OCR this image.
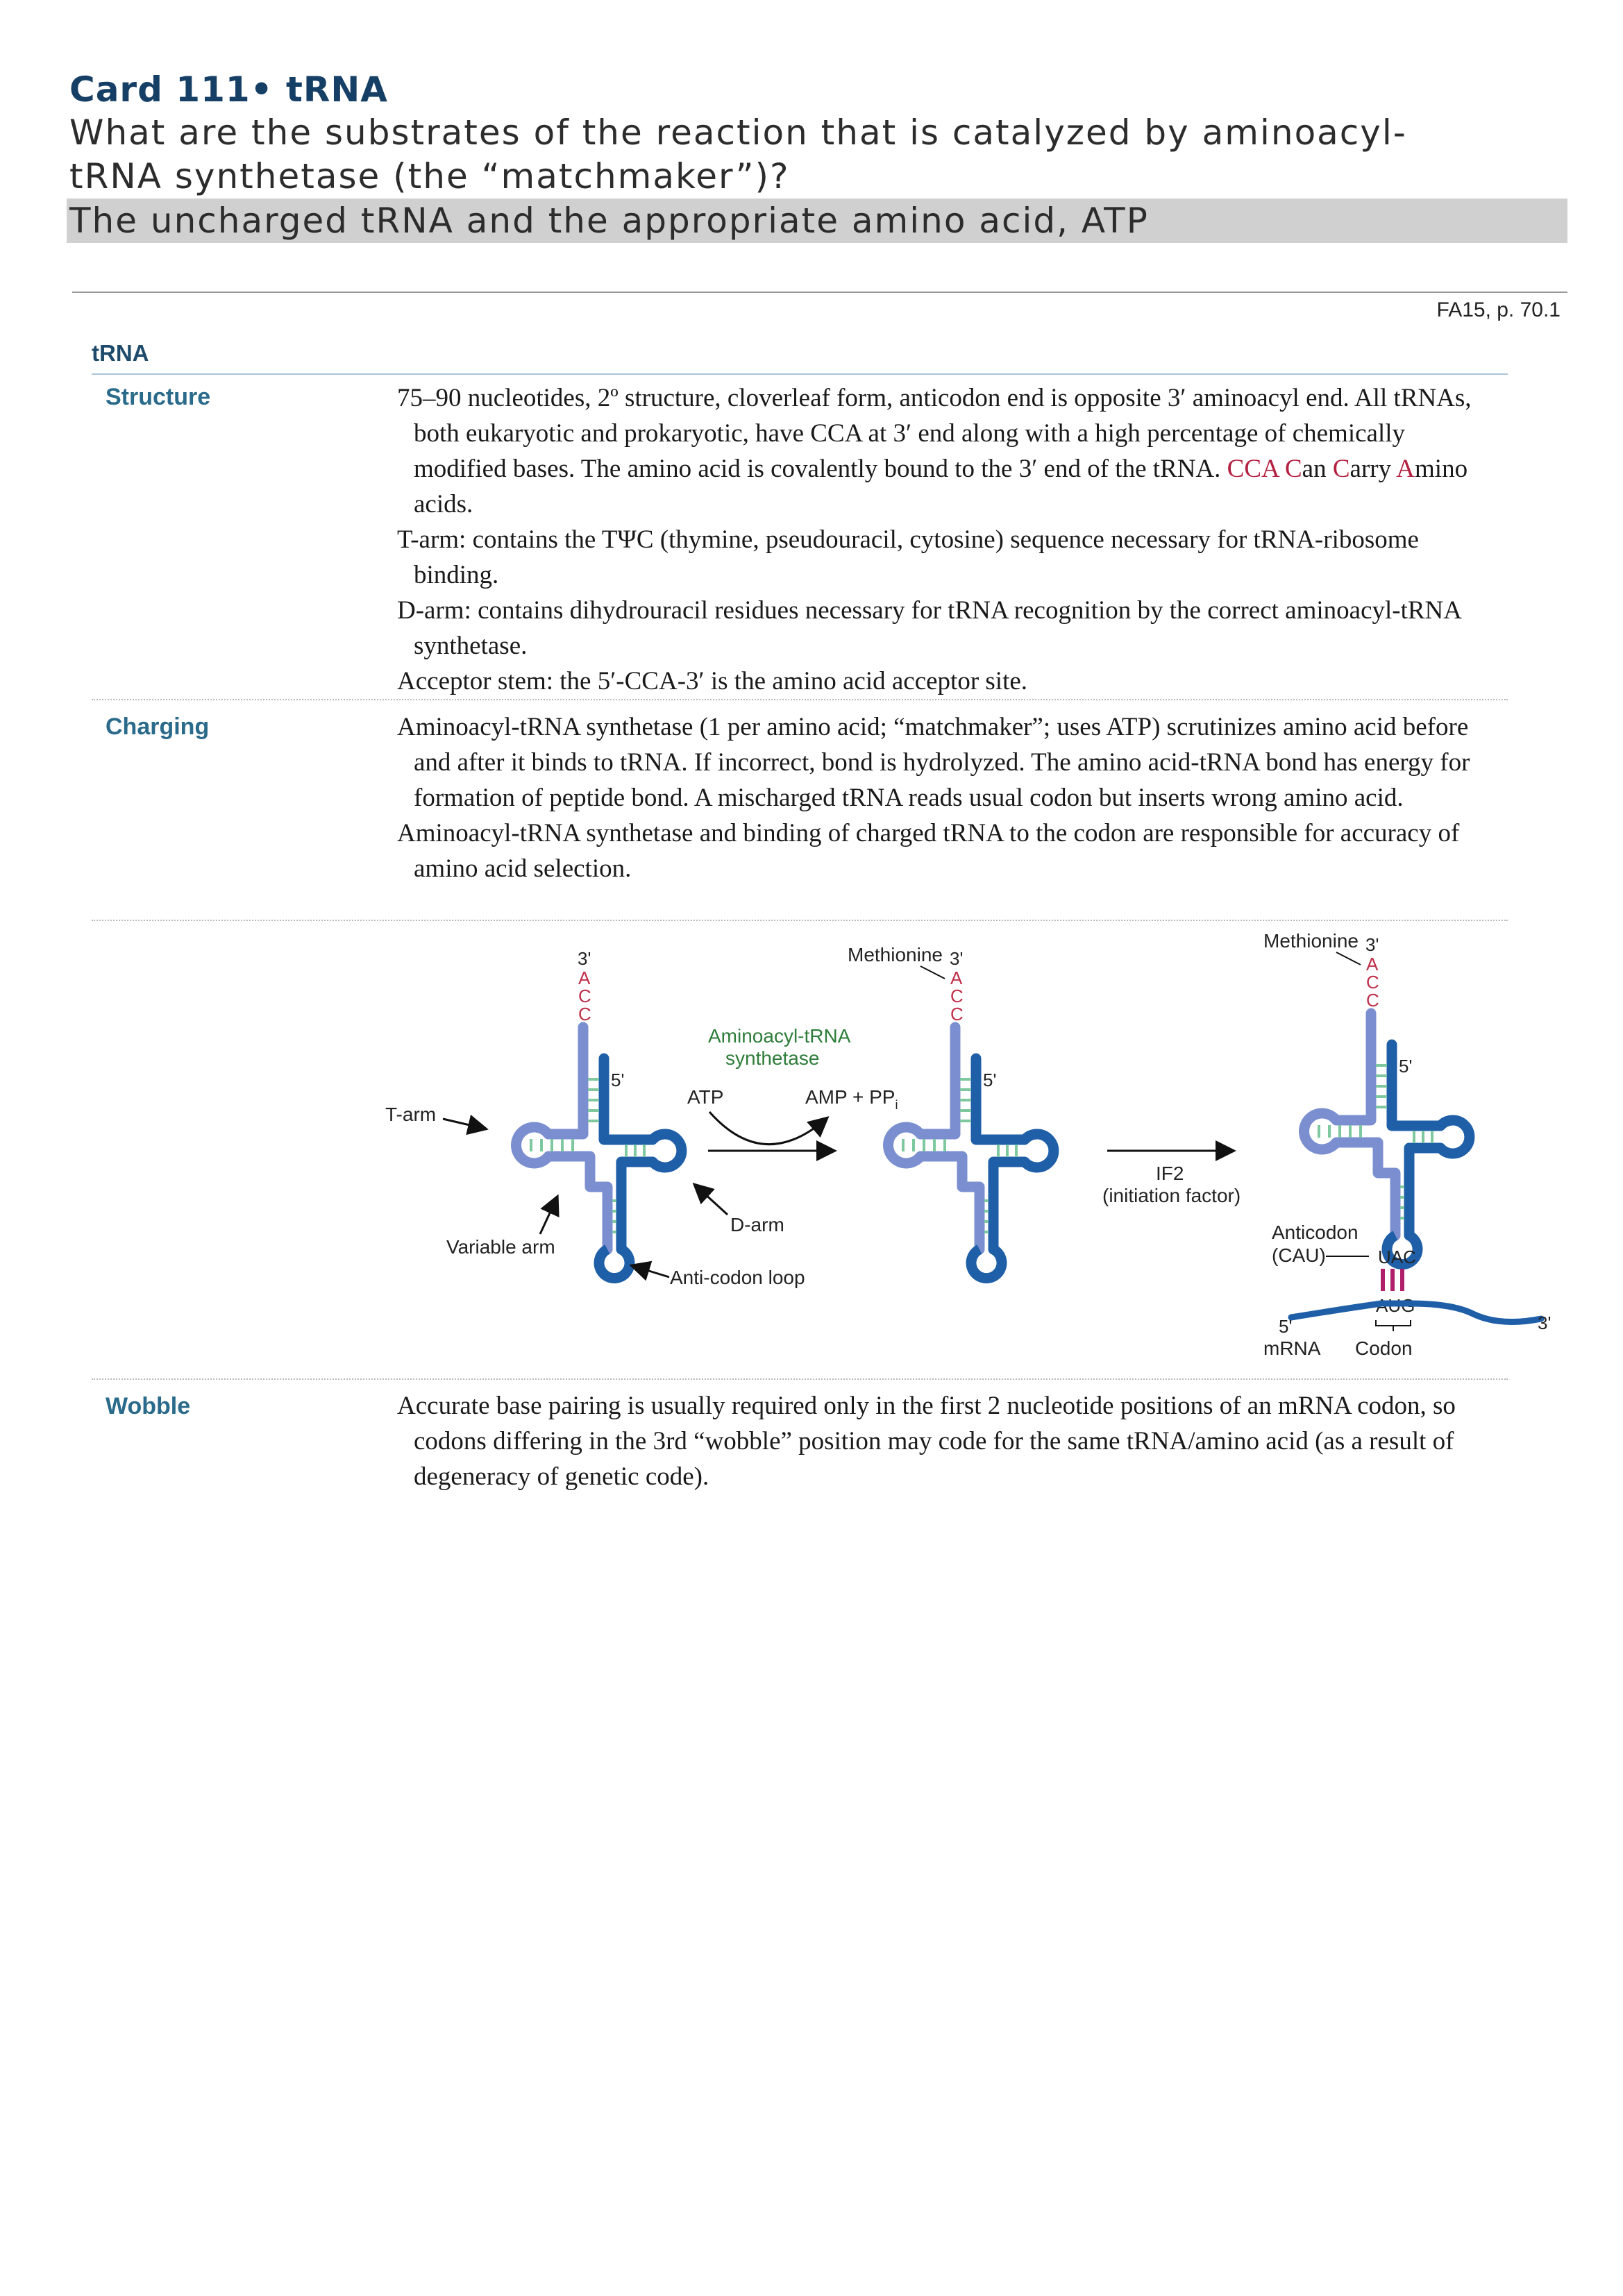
Card 111• tRNA
What are the substrates of the reaction that is catalyzed by aminoacyl-tRNA synthetase (the “matchmaker”)?
The uncharged tRNA and the appropriate amino acid, ATP
FA15, p. 70.1
tRNA
Structure	75–90 nucleotides, 2º structure, cloverleaf form, anticodon end is opposite 3′ aminoacyl end. All tRNAs, both eukaryotic and prokaryotic, have CCA at 3′ end along with a high percentage of chemically modified bases. The amino acid is covalently bound to the 3′ end of the tRNA. CCA Can Carry Amino acids.

T-arm: contains the TΨC (thymine, pseudouracil, cytosine) sequence necessary for tRNA-ribosome binding.

D-arm: contains dihydrouracil residues necessary for tRNA recognition by the correct aminoacyl-tRNA synthetase.

Acceptor stem: the 5′-CCA-3′ is the amino acid acceptor site.

Charging	Aminoacyl-tRNA synthetase (1 per amino acid; “matchmaker”; uses ATP) scrutinizes amino acid before and after it binds to tRNA. If incorrect, bond is hydrolyzed. The amino acid-tRNA bond has energy for formation of peptide bond. A mischarged tRNA reads usual codon but inserts wrong amino acid.

Aminoacyl-tRNA synthetase and binding of charged tRNA to the codon are responsible for accuracy of amino acid selection.

3'
A
C
C
5'
T-arm
Variable arm
D-arm
Anti-codon loop
Aminoacyl-tRNA
synthetase
ATP	AMP + $PP_i$
Methionine 3'
A
C
C
5'
IF2
(initiation factor)
Methionine 3'
A
C
C
5'
Anticodon
(CAU)	UAC
AUG
5'	3'
mRNA Codon
Wobble	Accurate base pairing is usually required only in the first 2 nucleotide positions of an mRNA codon, so codons differing in the 3rd “wobble” position may code for the same tRNA/amino acid (as a result of degeneracy of genetic code).
